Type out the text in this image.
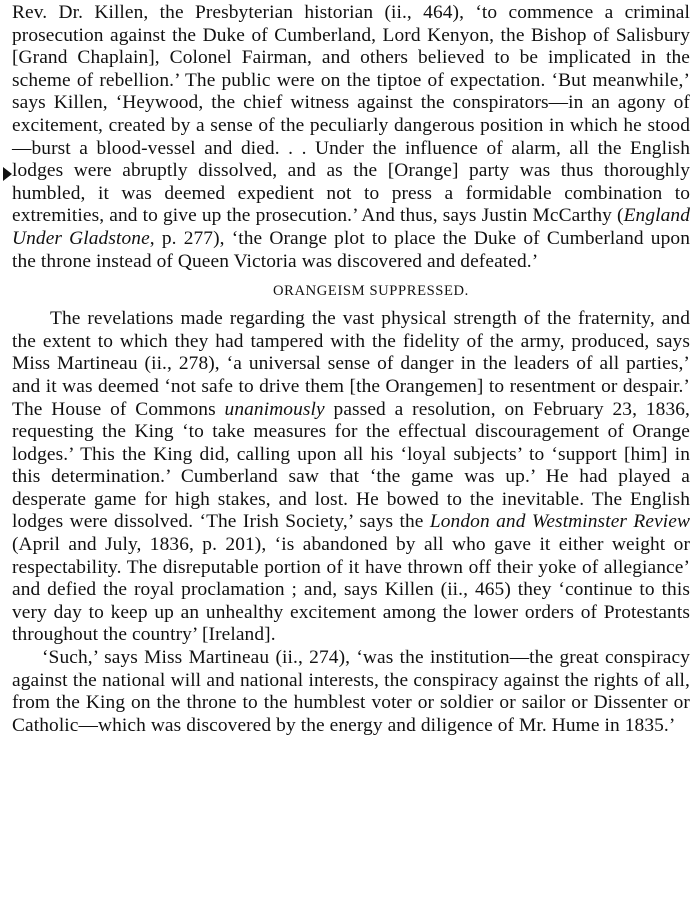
Rev. Dr. Killen, the Presbyterian historian (ii., 464), ‘to commence a criminal prosecution against the Duke of Cumberland, Lord Kenyon, the Bishop of Salisbury [Grand Chaplain], Colonel Fairman, and others believed to be implicated in the scheme of rebellion.’ The public were on the tiptoe of expectation. ‘But meanwhile,’ says Killen, ‘Heywood, the chief witness against the conspirators—in an agony of excitement, created by a sense of the peculiarly dangerous position in which he stood—burst a blood-vessel and died. . . Under the influence of alarm, all the English lodges were abruptly dissolved, and as the [Orange] party was thus thoroughly humbled, it was deemed expedient not to press a formidable combination to extremities, and to give up the prosecution.’ And thus, says Justin McCarthy (England Under Gladstone, p. 277), ‘the Orange plot to place the Duke of Cumberland upon the throne instead of Queen Victoria was discovered and defeated.’

ORANGEISM SUPPRESSED.

The revelations made regarding the vast physical strength of the fraternity, and the extent to which they had tampered with the fidelity of the army, produced, says Miss Martineau (ii., 278), ‘a universal sense of danger in the leaders of all parties,’ and it was deemed ‘not safe to drive them [the Orangemen] to resentment or despair.’ The House of Commons unanimously passed a resolution, on February 23, 1836, requesting the King ‘to take measures for the effectual discouragement of Orange lodges.’ This the King did, calling upon all his ‘loyal subjects’ to ‘support [him] in this determination.’ Cumberland saw that ‘the game was up.’ He had played a desperate game for high stakes, and lost. He bowed to the inevitable. The English lodges were dissolved. ‘The Irish Society,’ says the London and Westminster Review (April and July, 1836, p. 201), ‘is abandoned by all who gave it either weight or respectability. The disreputable portion of it have thrown off their yoke of allegiance’ and defied the royal proclamation ; and, says Killen (ii., 465) they ‘continue to this very day to keep up an unhealthy excitement among the lower orders of Protestants throughout the country’ [Ireland].

‘Such,’ says Miss Martineau (ii., 274), ‘was the institution—the great conspiracy against the national will and national interests, the conspiracy against the rights of all, from the King on the throne to the humblest voter or soldier or sailor or Dissenter or Catholic—which was discovered by the energy and diligence of Mr. Hume in 1835.’
